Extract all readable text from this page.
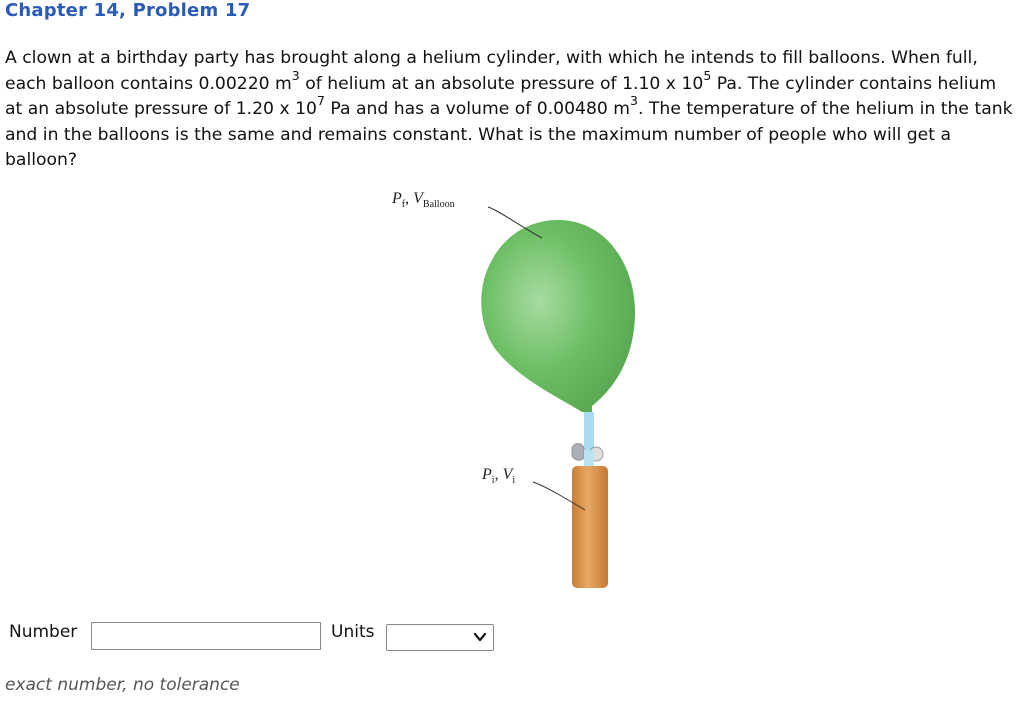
Chapter 14, Problem 17
A clown at a birthday party has brought along a helium cylinder, with which he intends to fill balloons. When full, each balloon contains 0.00220 $m^3$ of helium at an absolute pressure of 1.10 x $10^5$ Pa. The cylinder contains helium at an absolute pressure of 1.20 x $10^7$ Pa and has a volume of 0.00480 $m^3$. The temperature of the helium in the tank and in the balloons is the same and remains constant. What is the maximum number of people who will get a balloon?
$P_f$, $V_{Balloon}$
$P_i$, $V_i$
Number	Units
exact number, no tolerance
